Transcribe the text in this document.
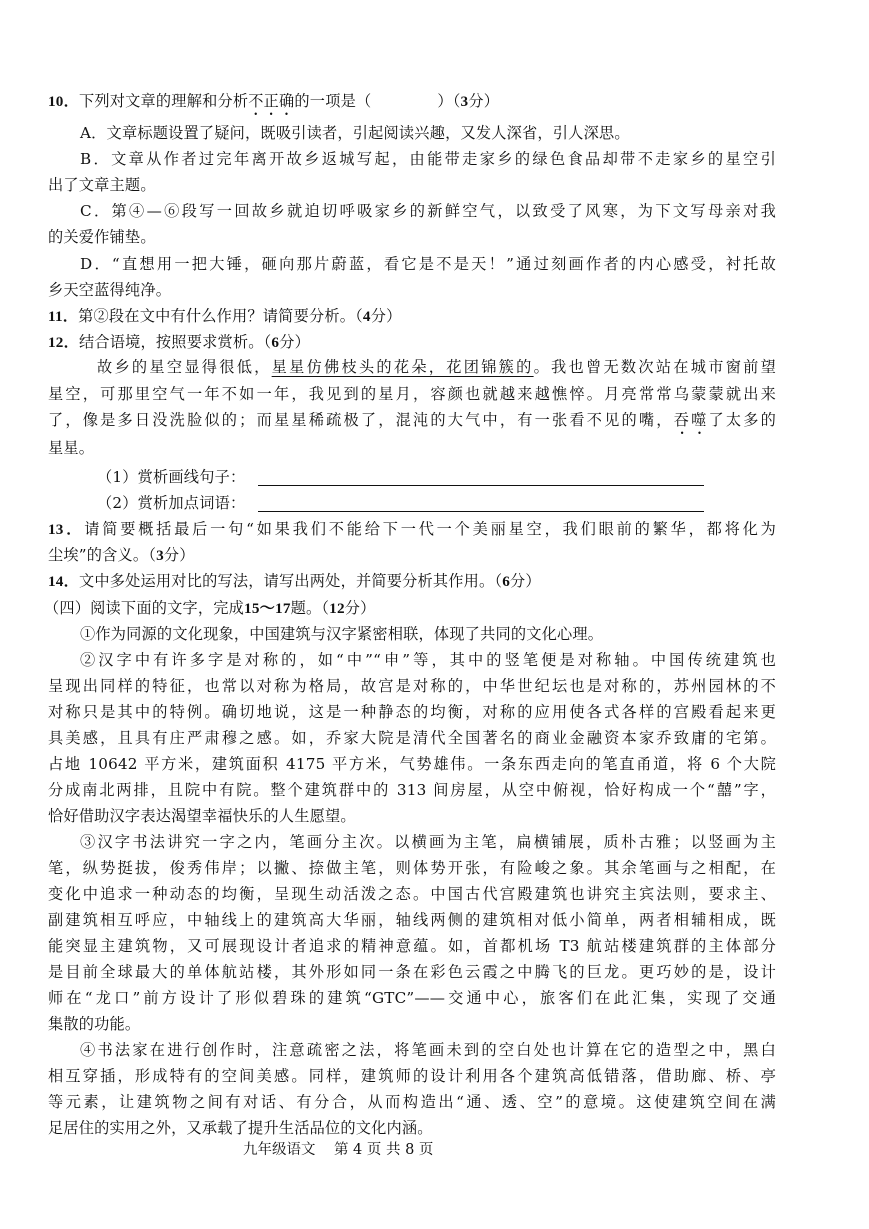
10．下列对文章的理解和分析不正确的一项是（	）（3分）
A．文章标题设置了疑问，既吸引读者，引起阅读兴趣，又发人深省，引人深思。
B．文章从作者过完年离开故乡返城写起，由能带走家乡的绿色食品却带不走家乡的星空引
出了文章主题。
C．第④—⑥段写一回故乡就迫切呼吸家乡的新鲜空气，以致受了风寒，为下文写母亲对我
的关爱作铺垫。
D．“直想用一把大锤，砸向那片蔚蓝，看它是不是天！”通过刻画作者的内心感受，衬托故
乡天空蓝得纯净。
11．第②段在文中有什么作用？请简要分析。（4分）
12．结合语境，按照要求赏析。（6分）
故乡的星空显得很低，星星仿佛枝头的花朵，花团锦簇的。我也曾无数次站在城市窗前望
星空，可那里空气一年不如一年，我见到的星月，容颜也就越来越憔悴。月亮常常乌蒙蒙就出来
了，像是多日没洗脸似的；而星星稀疏极了，混沌的大气中，有一张看不见的嘴，吞噬了太多的
星星。
（1）赏析画线句子：
（2）赏析加点词语：
13．请简要概括最后一句“如果我们不能给下一代一个美丽星空，我们眼前的繁华，都将化为
尘埃”的含义。（3分）
14．文中多处运用对比的写法，请写出两处，并简要分析其作用。（6分）
（四）阅读下面的文字，完成15～17题。（12分）
①作为同源的文化现象，中国建筑与汉字紧密相联，体现了共同的文化心理。
②汉字中有许多字是对称的，如“中”“申”等，其中的竖笔便是对称轴。中国传统建筑也
呈现出同样的特征，也常以对称为格局，故宫是对称的，中华世纪坛也是对称的，苏州园林的不
对称只是其中的特例。确切地说，这是一种静态的均衡，对称的应用使各式各样的宫殿看起来更
具美感，且具有庄严肃穆之感。如，乔家大院是清代全国著名的商业金融资本家乔致庸的宅第。
占地 10642 平方米，建筑面积 4175 平方米，气势雄伟。一条东西走向的笔直甬道，将 6 个大院
分成南北两排，且院中有院。整个建筑群中的 313 间房屋，从空中俯视，恰好构成一个“囍”字，
恰好借助汉字表达渴望幸福快乐的人生愿望。
③汉字书法讲究一字之内，笔画分主次。以横画为主笔，扁横铺展，质朴古雅；以竖画为主
笔，纵势挺拔，俊秀伟岸；以撇、捺做主笔，则体势开张，有险峻之象。其余笔画与之相配，在
变化中追求一种动态的均衡，呈现生动活泼之态。中国古代宫殿建筑也讲究主宾法则，要求主、
副建筑相互呼应，中轴线上的建筑高大华丽，轴线两侧的建筑相对低小简单，两者相辅相成，既
能突显主建筑物，又可展现设计者追求的精神意蕴。如，首都机场 T3 航站楼建筑群的主体部分
是目前全球最大的单体航站楼，其外形如同一条在彩色云霞之中腾飞的巨龙。更巧妙的是，设计
师在“龙口”前方设计了形似碧珠的建筑“GTC”——交通中心，旅客们在此汇集，实现了交通
集散的功能。
④书法家在进行创作时，注意疏密之法，将笔画未到的空白处也计算在它的造型之中，黑白
相互穿插，形成特有的空间美感。同样，建筑师的设计利用各个建筑高低错落，借助廊、桥、亭
等元素，让建筑物之间有对话、有分合，从而构造出“通、透、空”的意境。这使建筑空间在满
足居住的实用之外，又承载了提升生活品位的文化内涵。
九年级语文 第 4 页 共 8 页
